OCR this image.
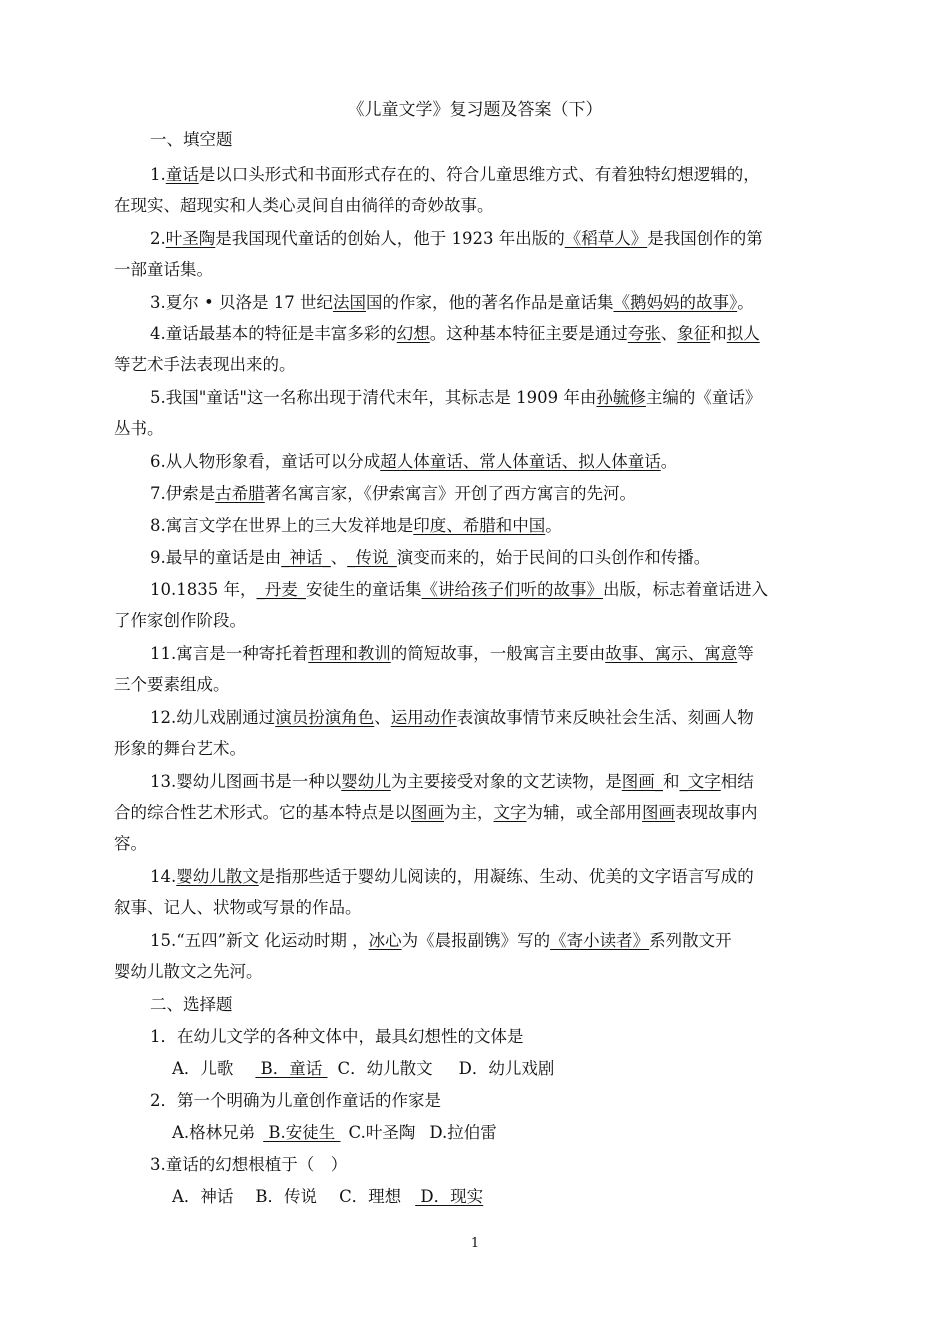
《儿童文学》复习题及答案（下）
一、填空题
1.童话是以口头形式和书面形式存在的、符合儿童思维方式、有着独特幻想逻辑的，
在现实、超现实和人类心灵间自由徜徉的奇妙故事。
2.叶圣陶是我国现代童话的创始人，他于 1923 年出版的《稻草人》是我国创作的第
一部童话集。
3.夏尔 • 贝洛是 17 世纪法国国的作家，他的著名作品是童话集《鹅妈妈的故事》。
4.童话最基本的特征是丰富多彩的幻想。这种基本特征主要是通过夸张、象征和拟人
等艺术手法表现出来的。
5.我国"童话"这一名称出现于清代末年，其标志是 1909 年由孙毓修主编的《童话》
丛书。
6.从人物形象看，童话可以分成超人体童话、常人体童话、拟人体童话。
7.伊索是古希腊著名寓言家，《伊索寓言》开创了西方寓言的先河。
8.寓言文学在世界上的三大发祥地是印度、希腊和中国。
9.最早的童话是由_神话_、_传说_演变而来的，始于民间的口头创作和传播。
10.1835 年，_丹麦_安徒生的童话集《讲给孩子们听的故事》出版，标志着童话进入
了作家创作阶段。
11.寓言是一种寄托着哲理和教训的简短故事，一般寓言主要由故事、寓示、寓意等
三个要素组成。
12.幼儿戏剧通过演员扮演角色、运用动作表演故事情节来反映社会生活、刻画人物
形象的舞台艺术。
13.婴幼儿图画书是一种以婴幼儿为主要接受对象的文艺读物，是图画_和_文字相结
合的综合性艺术形式。它的基本特点是以图画为主，文字为辅，或全部用图画表现故事内
容。
14.婴幼儿散文是指那些适于婴幼儿阅读的，用凝练、生动、优美的文字语言写成的
叙事、记人、状物或写景的作品。
15.“五四”新文 化运动时期 ，冰心为《晨报副镌》写的《寄小读者》系列散文开
婴幼儿散文之先河。
二、选择题
1．在幼儿文学的各种文体中，最具幻想性的文体是
A．儿歌 B．童话 C．幼儿散文 D．幼儿戏剧
2．第一个明确为儿童创作童话的作家是
A.格林兄弟 B.安徒生 C.叶圣陶 D.拉伯雷
3.童话的幻想根植于（　）
A．神话 B．传说 C．理想 D．现实
1
